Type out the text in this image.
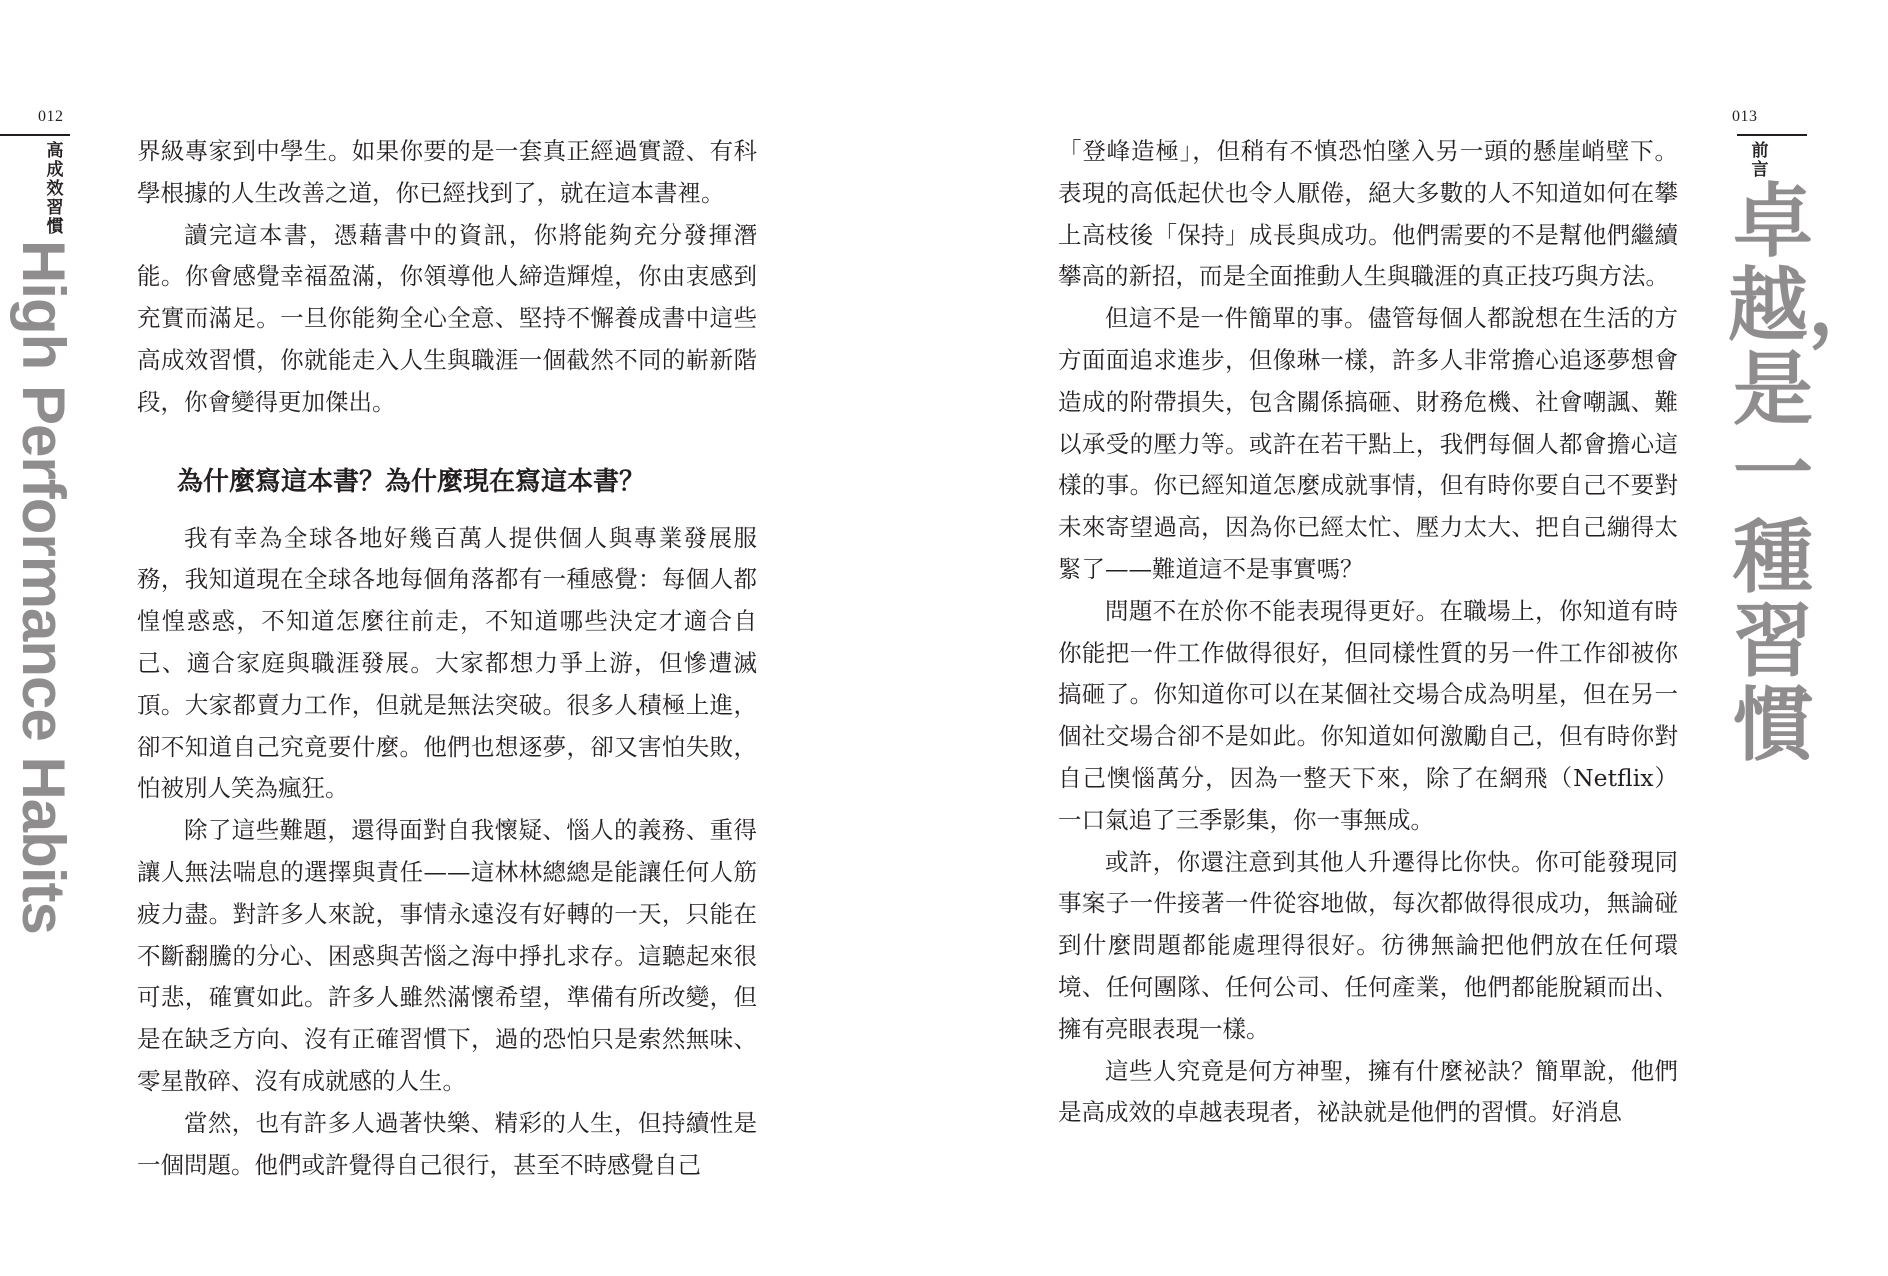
012
高成效習慣
High Performance Habits

界級專家到中學生。如果你要的是一套真正經過實證、有科學根據的人生改善之道，你已經找到了，就在這本書裡。

讀完這本書，憑藉書中的資訊，你將能夠充分發揮潛能。你會感覺幸福盈滿，你領導他人締造輝煌，你由衷感到充實而滿足。一旦你能夠全心全意、堅持不懈養成書中這些高成效習慣，你就能走入人生與職涯一個截然不同的嶄新階段，你會變得更加傑出。

為什麼寫這本書？為什麼現在寫這本書？

我有幸為全球各地好幾百萬人提供個人與專業發展服務，我知道現在全球各地每個角落都有一種感覺：每個人都惶惶惑惑，不知道怎麼往前走，不知道哪些決定才適合自己、適合家庭與職涯發展。大家都想力爭上游，但慘遭滅頂。大家都賣力工作，但就是無法突破。很多人積極上進，卻不知道自己究竟要什麼。他們也想逐夢，卻又害怕失敗，怕被別人笑為瘋狂。

除了這些難題，還得面對自我懷疑、惱人的義務、重得讓人無法喘息的選擇與責任——這林林總總是能讓任何人筋疲力盡。對許多人來說，事情永遠沒有好轉的一天，只能在不斷翻騰的分心、困惑與苦惱之海中掙扎求存。這聽起來很可悲，確實如此。許多人雖然滿懷希望，準備有所改變，但是在缺乏方向、沒有正確習慣下，過的恐怕只是索然無味、零星散碎、沒有成就感的人生。

當然，也有許多人過著快樂、精彩的人生，但持續性是一個問題。他們或許覺得自己很行，甚至不時感覺自己

013
前言
卓越，是一種習慣

「登峰造極」，但稍有不慎恐怕墜入另一頭的懸崖峭壁下。表現的高低起伏也令人厭倦，絕大多數的人不知道如何在攀上高枝後「保持」成長與成功。他們需要的不是幫他們繼續攀高的新招，而是全面推動人生與職涯的真正技巧與方法。

但這不是一件簡單的事。儘管每個人都說想在生活的方方面面追求進步，但像琳一樣，許多人非常擔心追逐夢想會造成的附帶損失，包含關係搞砸、財務危機、社會嘲諷、難以承受的壓力等。或許在若干點上，我們每個人都會擔心這樣的事。你已經知道怎麼成就事情，但有時你要自己不要對未來寄望過高，因為你已經太忙、壓力太大、把自己繃得太緊了——難道這不是事實嗎？

問題不在於你不能表現得更好。在職場上，你知道有時你能把一件工作做得很好，但同樣性質的另一件工作卻被你搞砸了。你知道你可以在某個社交場合成為明星，但在另一個社交場合卻不是如此。你知道如何激勵自己，但有時你對自己懊惱萬分，因為一整天下來，除了在網飛（Netflix）一口氣追了三季影集，你一事無成。

或許，你還注意到其他人升遷得比你快。你可能發現同事案子一件接著一件從容地做，每次都做得很成功，無論碰到什麼問題都能處理得很好。彷彿無論把他們放在任何環境、任何團隊、任何公司、任何產業，他們都能脫穎而出、擁有亮眼表現一樣。

這些人究竟是何方神聖，擁有什麼祕訣？簡單說，他們是高成效的卓越表現者，祕訣就是他們的習慣。好消息
